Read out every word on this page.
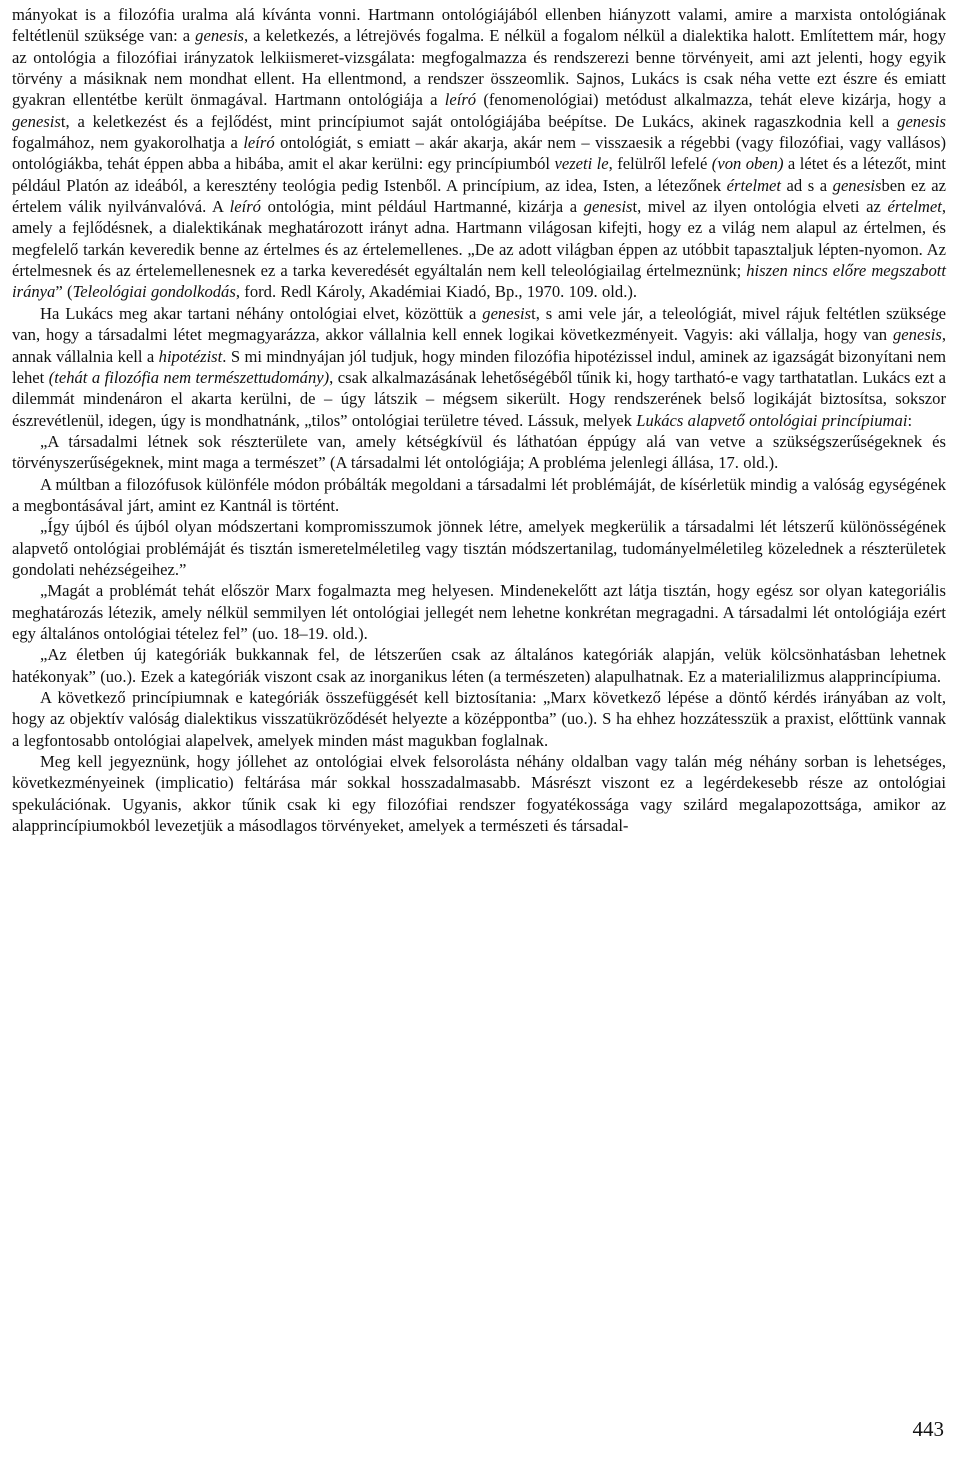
mányokat is a filozófia uralma alá kívánta vonni. Hartmann ontológiájából ellenben hiányzott valami, amire a marxista ontológiának feltétlenül szüksége van: a genesis, a keletkezés, a létrejövés fogalma. E nélkül a fogalom nélkül a dialektika halott. Említettem már, hogy az ontológia a filozófiai irányzatok lelkiismeret-vizsgálata: megfogalmazza és rendszerezi benne törvényeit, ami azt jelenti, hogy egyik törvény a másiknak nem mondhat ellent. Ha ellentmond, a rendszer összeomlik. Sajnos, Lukács is csak néha vette ezt észre és emiatt gyakran ellentétbe került önmagával. Hartmann ontológiája a leíró (fenomenológiai) metódust alkalmazza, tehát eleve kizárja, hogy a genesist, a keletkezést és a fejlődést, mint princípiumot saját ontológiájába beépítse. De Lukács, akinek ragaszkodnia kell a genesis fogalmához, nem gyakorolhatja a leíró ontológiát, s emiatt – akár akarja, akár nem – visszaesik a régebbi (vagy filozófiai, vagy vallásos) ontológiákba, tehát éppen abba a hibába, amit el akar kerülni: egy princípiumból vezeti le, felülről lefelé (von oben) a létet és a létezőt, mint például Platón az ideából, a keresztény teológia pedig Istenből. A princípium, az idea, Isten, a létezőnek értelmet ad s a genesisben ez az értelem válik nyilvánvalóvá. A leíró ontológia, mint például Hartmanné, kizárja a genesist, mivel az ilyen ontológia elveti az értelmet, amely a fejlődésnek, a dialektikának meghatározott irányt adna. Hartmann világosan kifejti, hogy ez a világ nem alapul az értelmen, és megfelelő tarkán keveredik benne az értelmes és az értelemellenes. „De az adott világban éppen az utóbbit tapasztaljuk lépten-nyomon. Az értelmesnek és az értelemellenesnek ez a tarka keveredését egyáltalán nem kell teleológiailag értelmeznünk; hiszen nincs előre megszabott iránya” (Teleológiai gondolkodás, ford. Redl Károly, Akadémiai Kiadó, Bp., 1970. 109. old.).

Ha Lukács meg akar tartani néhány ontológiai elvet, közöttük a genesist, s ami vele jár, a teleológiát, mivel rájuk feltétlen szüksége van, hogy a társadalmi létet megmagyarázza, akkor vállalnia kell ennek logikai következményeit. Vagyis: aki vállalja, hogy van genesis, annak vállalnia kell a hipotézist. S mi mindnyájan jól tudjuk, hogy minden filozófia hipotézissel indul, aminek az igazságát bizonyítani nem lehet (tehát a filozófia nem természettudomány), csak alkalmazásának lehetőségéből tűnik ki, hogy tartható-e vagy tarthatatlan. Lukács ezt a dilemmát mindenáron el akarta kerülni, de – úgy látszik – mégsem sikerült. Hogy rendszerének belső logikáját biztosítsa, sokszor észrevétlenül, idegen, úgy is mondhatnánk, „tilos” ontológiai területre téved. Lássuk, melyek Lukács alapvető ontológiai princípiumai:

„A társadalmi létnek sok részterülete van, amely kétségkívül és láthatóan éppúgy alá van vetve a szükségszerűségeknek és törvényszerűségeknek, mint maga a természet” (A társadalmi lét ontológiája; A probléma jelenlegi állása, 17. old.).

A múltban a filozófusok különféle módon próbálták megoldani a társadalmi lét problémáját, de kísérletük mindig a valóság egységének a megbontásával járt, amint ez Kantnál is történt.

„Így újból és újból olyan módszertani kompromisszumok jönnek létre, amelyek megkerülik a társadalmi lét létszerű különösségének alapvető ontológiai problémáját és tisztán ismeretelméletileg vagy tisztán módszertanilag, tudományelméletileg közelednek a részterületek gondolati nehézségeihez.”

„Magát a problémát tehát először Marx fogalmazta meg helyesen. Mindenekelőtt azt látja tisztán, hogy egész sor olyan kategoriális meghatározás létezik, amely nélkül semmilyen lét ontológiai jellegét nem lehetne konkrétan megragadni. A társadalmi lét ontológiája ezért egy általános ontológiai tételez fel” (uo. 18–19. old.).

„Az életben új kategóriák bukkannak fel, de létszerűen csak az általános kategóriák alapján, velük kölcsönhatásban lehetnek hatékonyak” (uo.). Ezek a kategóriák viszont csak az inorganikus léten (a természeten) alapulhatnak. Ez a materialilizmus alapprincípiuma.

A következő princípiumnak e kategóriák összefüggését kell biztosítania: „Marx következő lépése a döntő kérdés irányában az volt, hogy az objektív valóság dialektikus visszatükröződését helyezte a középpontba” (uo.). S ha ehhez hozzátesszük a praxist, előttünk vannak a legfontosabb ontológiai alapelvek, amelyek minden mást magukban foglalnak.

Meg kell jegyeznünk, hogy jóllehet az ontológiai elvek felsorolásta néhány oldalban vagy talán még néhány sorban is lehetséges, következményeinek (implicatio) feltárása már sokkal hosszadalmasabb. Másrészt viszont ez a legérdekesebb része az ontológiai spekulációnak. Ugyanis, akkor tűnik csak ki egy filozófiai rendszer fogyatékossága vagy szilárd megalapozottsága, amikor az alapprincípiumokból levezetjük a másodlagos törvényeket, amelyek a természeti és társadal-

443
